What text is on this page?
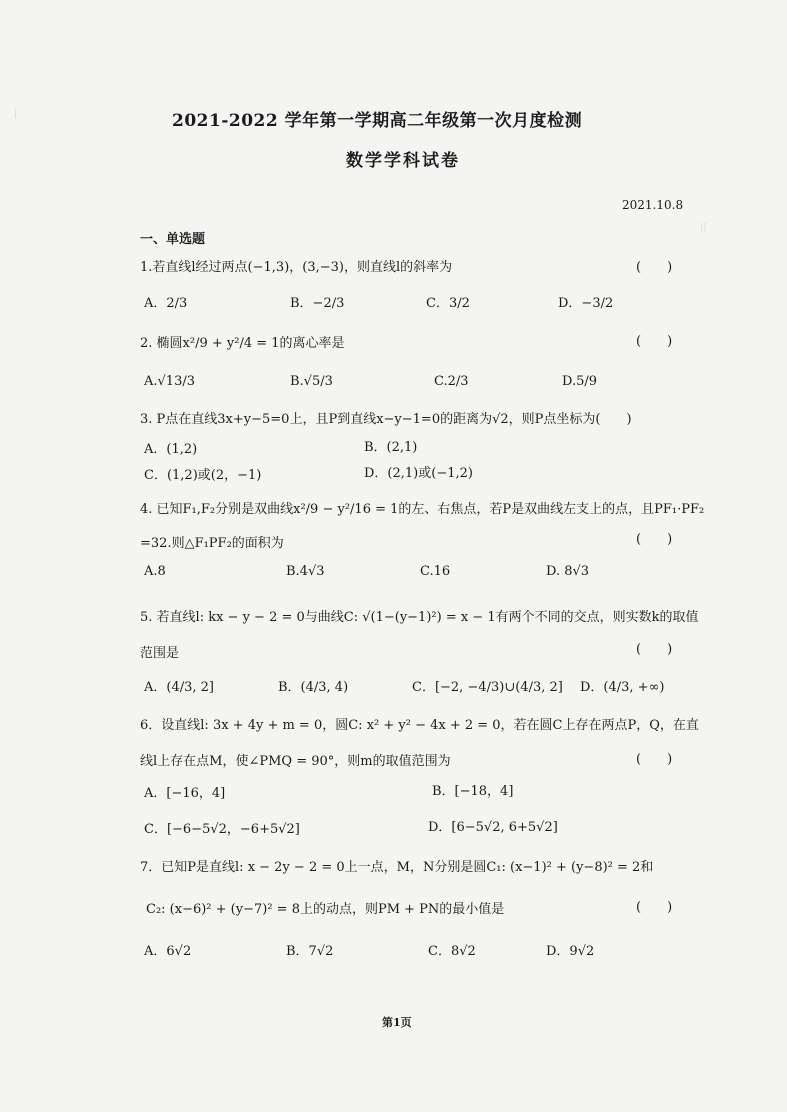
|
||
2021-2022 学年第一学期高二年级第一次月度检测
数学学科试卷
2021.10.8
一、单选题
1.若直线l经过两点(−1,3)，(3,−3)，则直线l的斜率为	(　　)
A．2/3	B．−2/3	C．3/2	D．−3/2
2. 椭圆x²/9 + y²/4 = 1的离心率是	(　　)
A.√13/3	B.√5/3	C.2/3	D.5/9
3. P点在直线3x+y−5=0上，且P到直线x−y−1=0的距离为√2，则P点坐标为(　　)
A．(1,2)	B．(2,1)
C．(1,2)或(2，−1)	D．(2,1)或(−1,2)
4. 已知F₁,F₂分别是双曲线x²/9 − y²/16 = 1的左、右焦点，若P是双曲线左支上的点，且PF₁·PF₂
=32.则△F₁PF₂的面积为	(　　)
A.8	B.4√3	C.16	D. 8√3
5. 若直线l: kx − y − 2 = 0与曲线C: √(1−(y−1)²) = x − 1有两个不同的交点，则实数k的取值
范围是	(　　)
A．(4/3, 2]	B．(4/3, 4)	C．[−2, −4/3)∪(4/3, 2] D．(4/3, +∞)
6．设直线l: 3x + 4y + m = 0，圆C: x² + y² − 4x + 2 = 0，若在圆C上存在两点P，Q，在直
线l上存在点M，使∠PMQ = 90°，则m的取值范围为	(　　)
A．[−16，4]	B．[−18，4]
C．[−6−5√2，−6+5√2]	D．[6−5√2, 6+5√2]
7．已知P是直线l: x − 2y − 2 = 0上一点，M，N分别是圆C₁: (x−1)² + (y−8)² = 2和
C₂: (x−6)² + (y−7)² = 8上的动点，则PM + PN的最小值是	(　　)
A．6√2	B．7√2	C．8√2	D．9√2
第1页
